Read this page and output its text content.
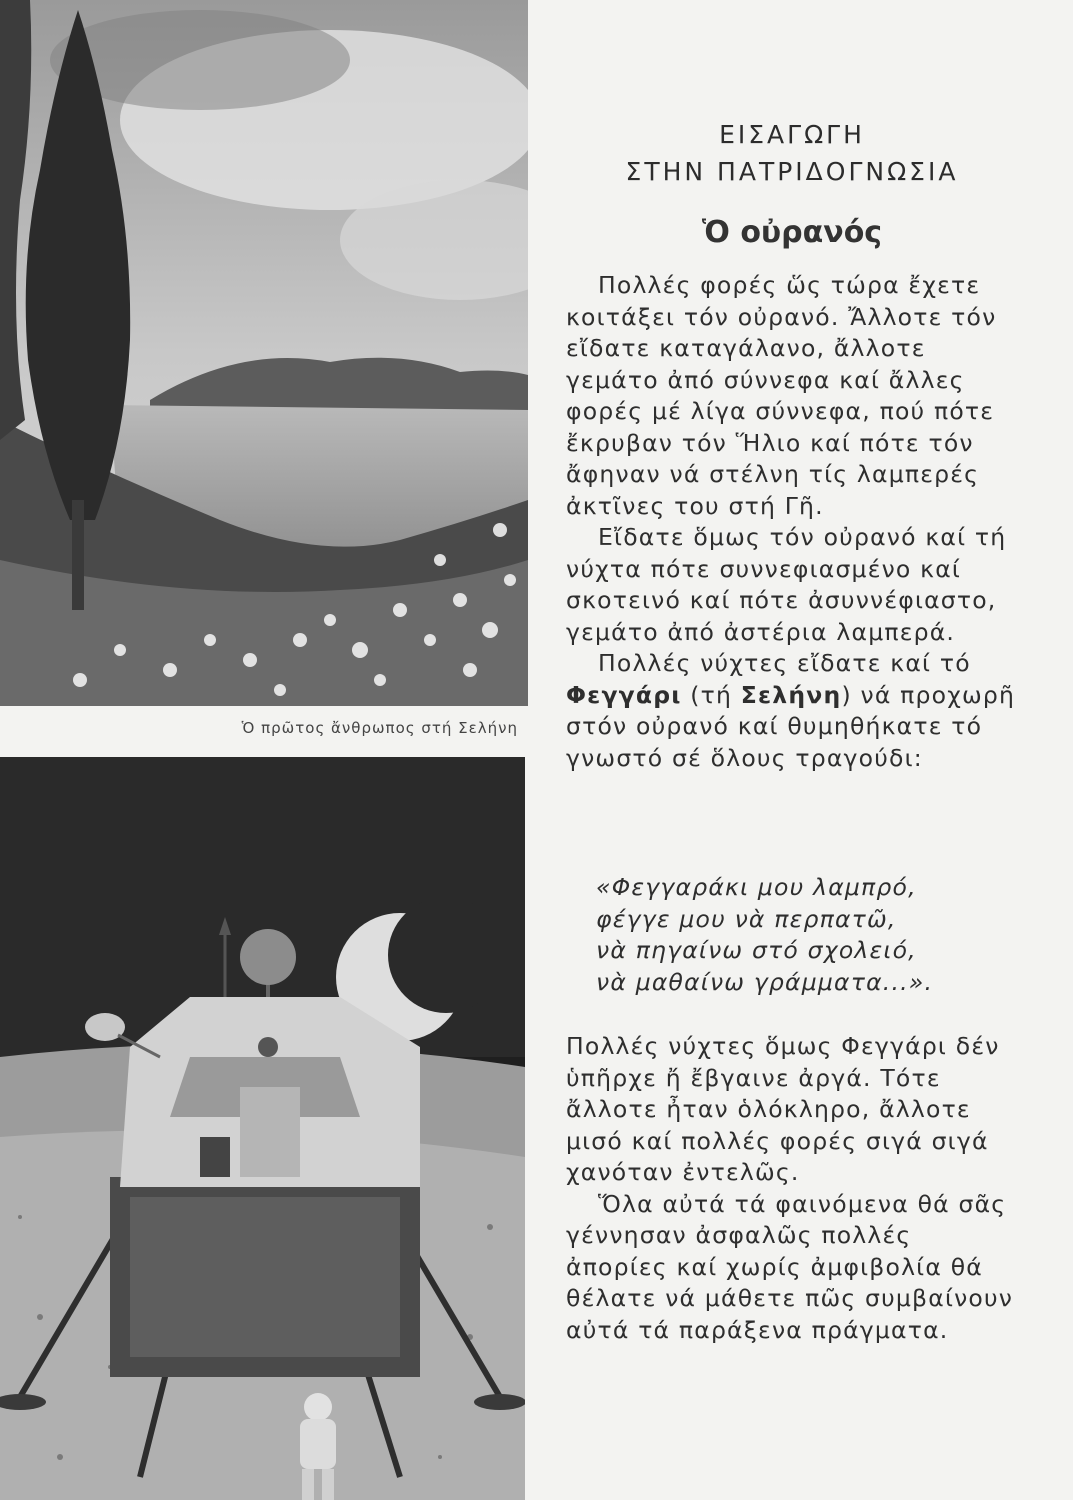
Ὁ πρῶτος ἄνθρωπος στή Σελήνη
ΕΙΣΑΓΩΓΗ
ΣΤΗΝ ΠΑΤΡΙΔΟΓΝΩΣΙΑ
Ὁ οὐρανός

Πολλές φορές ὥς τώρα ἔχετε κοιτάξει τόν οὐρανό. Ἄλλοτε τόν εἴδατε καταγάλανο, ἄλλοτε γεμάτο ἀπό σύννεφα καί ἄλλες φορές μέ λίγα σύννεφα, πού πότε ἔκρυβαν τόν Ἥλιο καί πότε τόν ἄφηναν νά στέλνη τίς λαμπερές ἀκτῖνες του στή Γῆ.

Εἴδατε ὅμως τόν οὐρανό καί τή νύχτα πότε συννεφιασμένο καί σκοτεινό καί πότε ἀσυννέφιαστο, γεμάτο ἀπό ἀστέρια λαμπερά.

Πολλές νύχτες εἴδατε καί τό Φεγγάρι (τή Σελήνη) νά προχωρῆ στόν οὐρανό καί θυμηθήκατε τό γνωστό σέ ὅλους τραγούδι:

«Φεγγαράκι μου λαμπρό,
φέγγε μου νὰ περπατῶ,
νὰ πηγαίνω στό σχολειό,
νὰ μαθαίνω γράμματα...».

Πολλές νύχτες ὅμως Φεγγάρι δέν ὑπῆρχε ἤ ἔβγαινε ἀργά. Τότε ἄλλοτε ἦταν ὁλόκληρο, ἄλλοτε μισό καί πολλές φορές σιγά σιγά χανόταν ἐντελῶς.

Ὅλα αὐτά τά φαινόμενα θά σᾶς γέννησαν ἀσφαλῶς πολλές ἀπορίες καί χωρίς ἀμφιβολία θά θέλατε νά μάθετε πῶς συμβαίνουν αὐτά τά παράξενα πράγματα.
